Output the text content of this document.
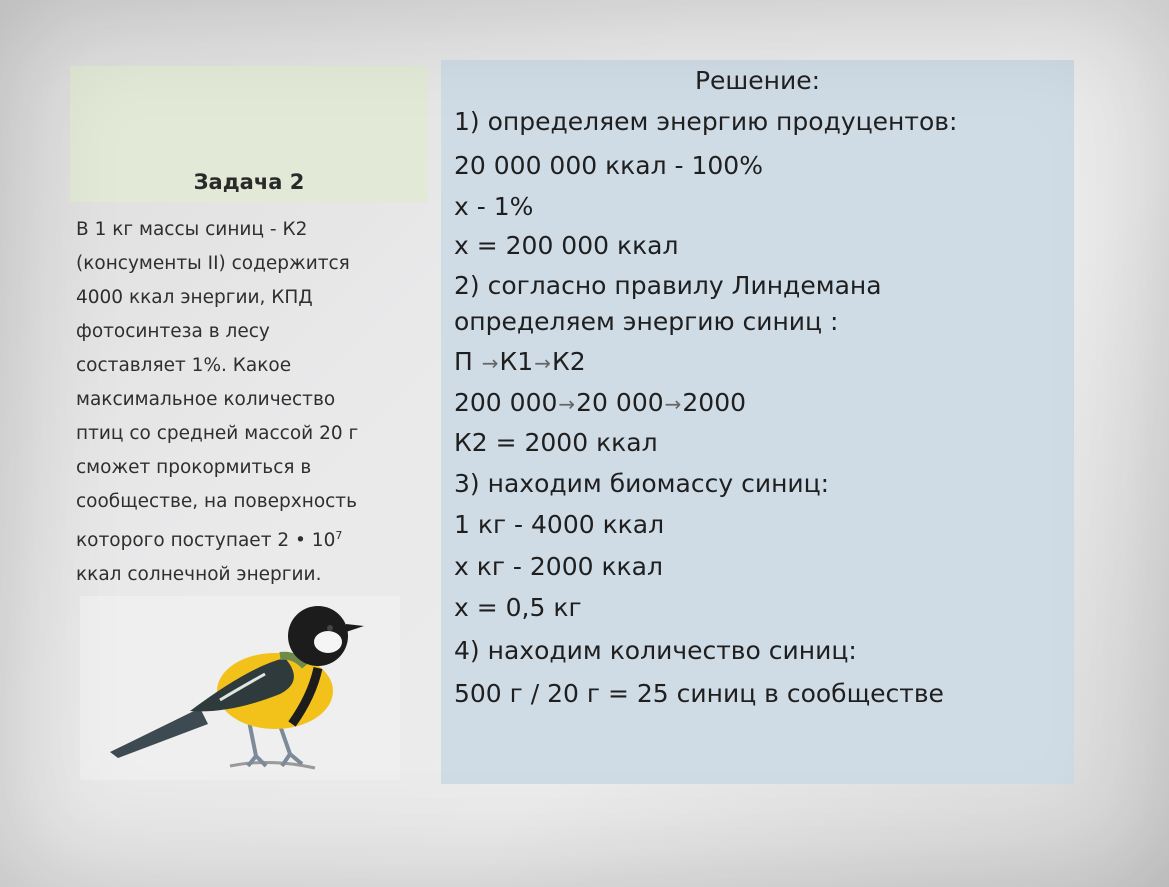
Задача 2
В 1 кг массы синиц - К2
(консументы II) содержится
4000 ккал энергии, КПД
фотосинтеза в лесу
составляет 1%. Какое
максимальное количество
птиц со средней массой 20 г
сможет прокормиться в
сообществе, на поверхность
которого поступает 2 • $10^7$
ккал солнечной энергии.
Решение:
1) определяем энергию продуцентов:
20 000 000 ккал - 100%
х - 1%
х = 200 000 ккал
2) согласно правилу Линдемана
определяем энергию синиц :
П →К1→К2
200 000→20 000→2000
К2 = 2000 ккал
3) находим биомассу синиц:
1 кг - 4000 ккал
х кг - 2000 ккал
х = 0,5 кг
4) находим количество синиц:
500 г / 20 г = 25 синиц в сообществе
